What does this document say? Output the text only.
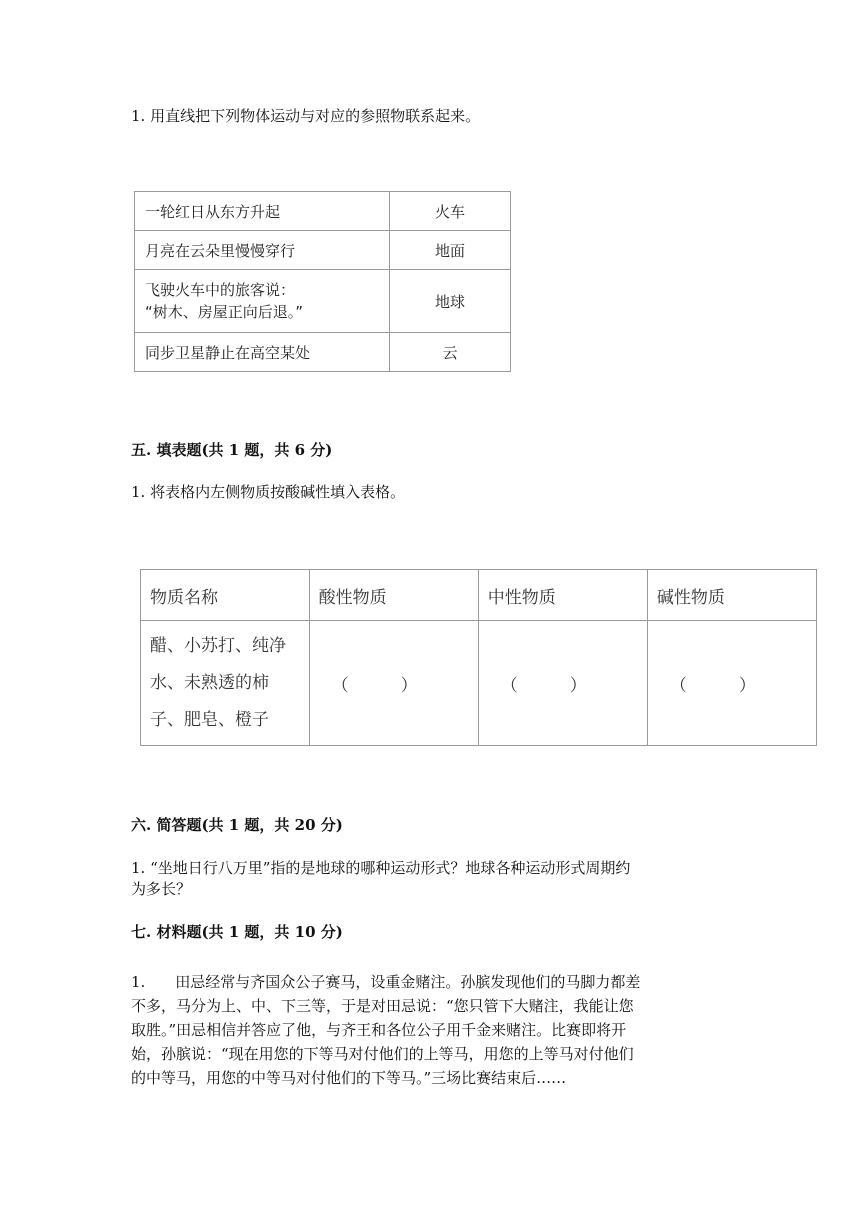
1. 用直线把下列物体运动与对应的参照物联系起来。
一轮红日从东方升起	火车
月亮在云朵里慢慢穿行	地面

飞驶火车中的旅客说：
“树木、房屋正向后退。”	地球
同步卫星静止在高空某处	云
五. 填表题(共 1 题，共 6 分)
1. 将表格内左侧物质按酸碱性填入表格。
物质名称	酸性物质	中性物质	碱性物质

醋、小苏打、纯净
水、未熟透的柿
子、肥皂、橙子	（ ）	（ ）	（ ）
六. 简答题(共 1 题，共 20 分)
1. “坐地日行八万里”指的是地球的哪种运动形式？地球各种运动形式周期约
为多长？
七. 材料题(共 1 题，共 10 分)
1.　　田忌经常与齐国众公子赛马，设重金赌注。孙膑发现他们的马脚力都差
不多，马分为上、中、下三等，于是对田忌说：“您只管下大赌注，我能让您
取胜。”田忌相信并答应了他，与齐王和各位公子用千金来赌注。比赛即将开
始，孙膑说：“现在用您的下等马对付他们的上等马，用您的上等马对付他们
的中等马，用您的中等马对付他们的下等马。”三场比赛结束后……
